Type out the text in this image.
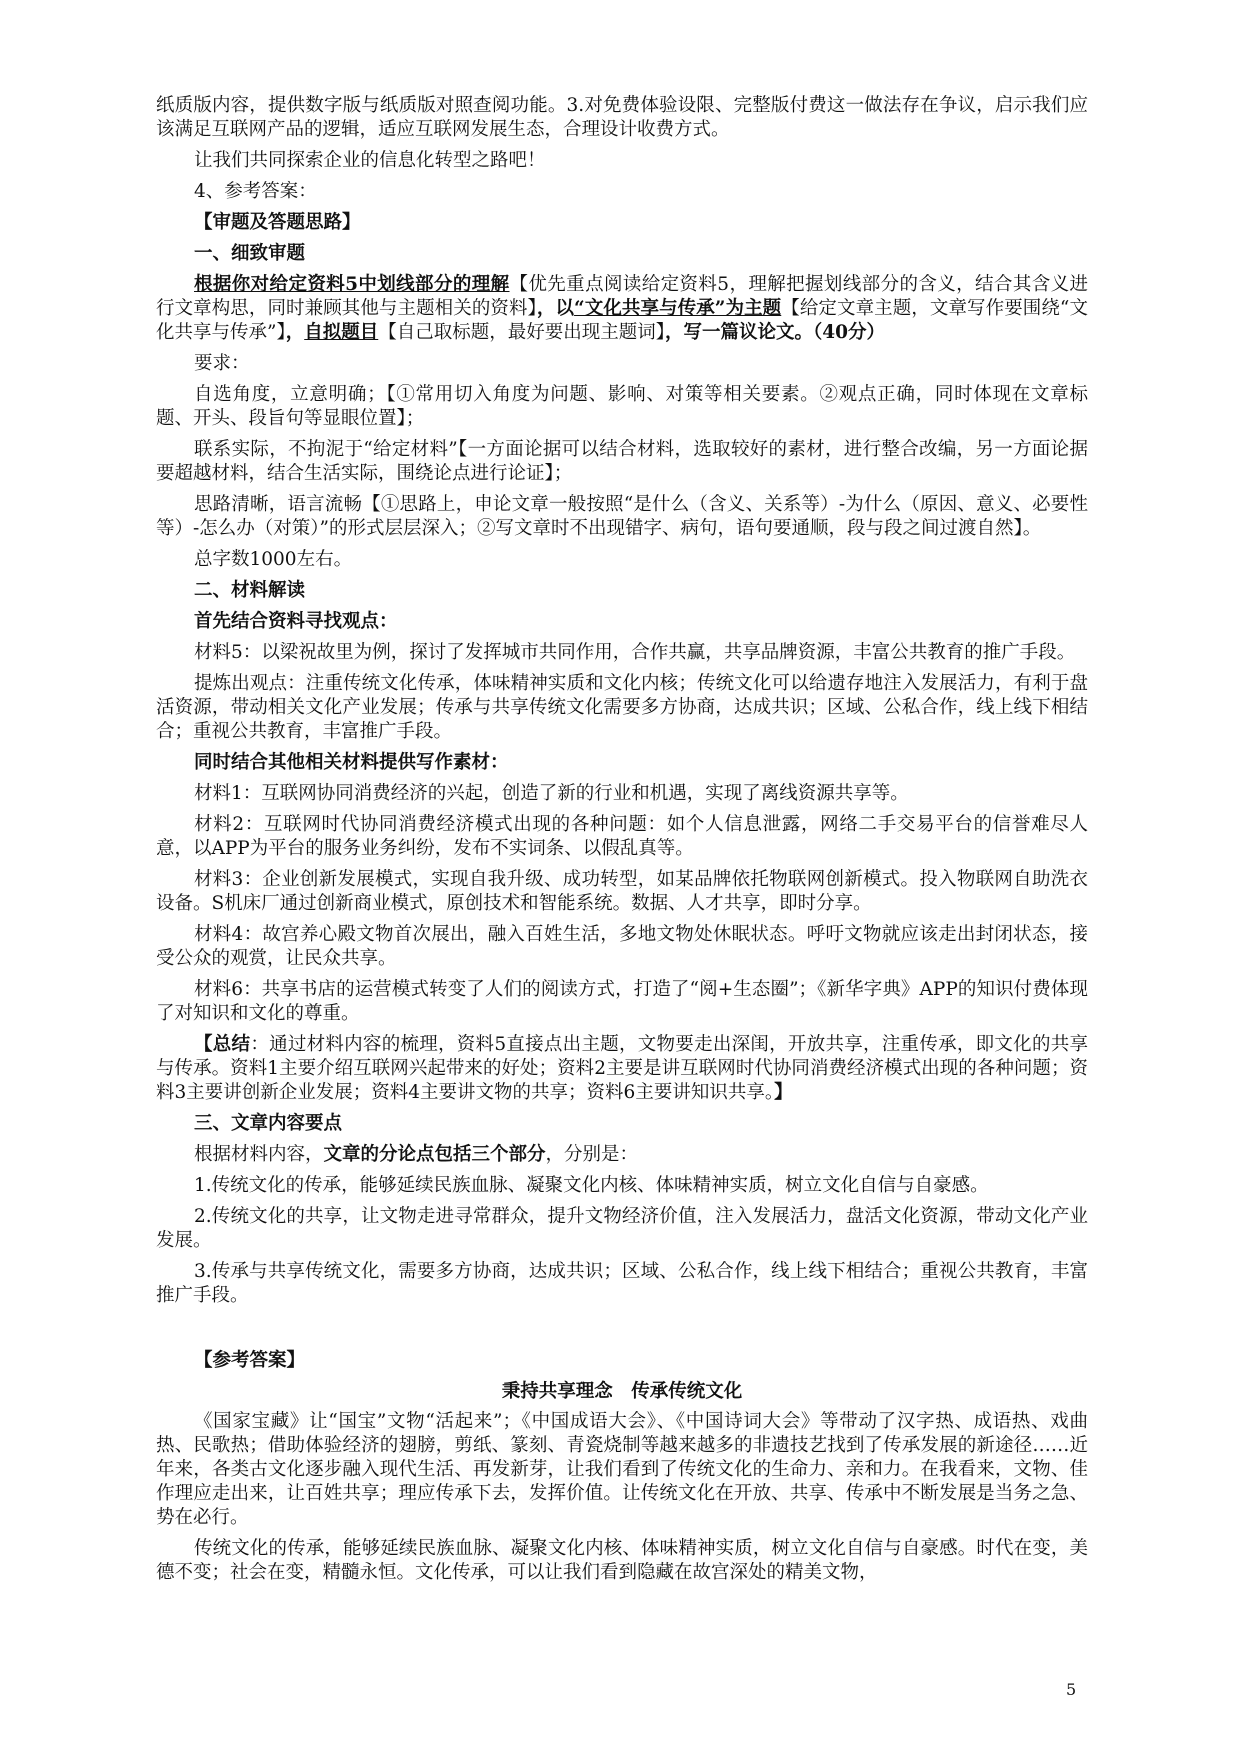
纸质版内容，提供数字版与纸质版对照查阅功能。3.对免费体验设限、完整版付费这一做法存在争议，启示我们应该满足互联网产品的逻辑，适应互联网发展生态，合理设计收费方式。

让我们共同探索企业的信息化转型之路吧！

4、参考答案：

【审题及答题思路】

一、细致审题

根据你对给定资料5中划线部分的理解【优先重点阅读给定资料5，理解把握划线部分的含义，结合其含义进行文章构思，同时兼顾其他与主题相关的资料】，以“文化共享与传承”为主题【给定文章主题，文章写作要围绕“文化共享与传承”】，自拟题目【自己取标题，最好要出现主题词】，写一篇议论文。（40分）

要求：

自选角度，立意明确；【①常用切入角度为问题、影响、对策等相关要素。②观点正确，同时体现在文章标题、开头、段旨句等显眼位置】；

联系实际，不拘泥于“给定材料”【一方面论据可以结合材料，选取较好的素材，进行整合改编，另一方面论据要超越材料，结合生活实际，围绕论点进行论证】；

思路清晰，语言流畅【①思路上，申论文章一般按照“是什么（含义、关系等）-为什么（原因、意义、必要性等）-怎么办（对策）”的形式层层深入；②写文章时不出现错字、病句，语句要通顺，段与段之间过渡自然】。

总字数1000左右。

二、材料解读

首先结合资料寻找观点：

材料5：以梁祝故里为例，探讨了发挥城市共同作用，合作共赢，共享品牌资源，丰富公共教育的推广手段。

提炼出观点：注重传统文化传承，体味精神实质和文化内核；传统文化可以给遗存地注入发展活力，有利于盘活资源，带动相关文化产业发展；传承与共享传统文化需要多方协商，达成共识；区域、公私合作，线上线下相结合；重视公共教育，丰富推广手段。

同时结合其他相关材料提供写作素材：

材料1：互联网协同消费经济的兴起，创造了新的行业和机遇，实现了离线资源共享等。

材料2：互联网时代协同消费经济模式出现的各种问题：如个人信息泄露，网络二手交易平台的信誉难尽人意，以APP为平台的服务业务纠纷，发布不实词条、以假乱真等。

材料3：企业创新发展模式，实现自我升级、成功转型，如某品牌依托物联网创新模式。投入物联网自助洗衣设备。S机床厂通过创新商业模式，原创技术和智能系统。数据、人才共享，即时分享。

材料4：故宫养心殿文物首次展出，融入百姓生活，多地文物处休眠状态。呼吁文物就应该走出封闭状态，接受公众的观赏，让民众共享。

材料6：共享书店的运营模式转变了人们的阅读方式，打造了“阅+生态圈”；《新华字典》APP的知识付费体现了对知识和文化的尊重。

【总结：通过材料内容的梳理，资料5直接点出主题，文物要走出深闺，开放共享，注重传承，即文化的共享与传承。资料1主要介绍互联网兴起带来的好处；资料2主要是讲互联网时代协同消费经济模式出现的各种问题；资料3主要讲创新企业发展；资料4主要讲文物的共享；资料6主要讲知识共享。】

三、文章内容要点

根据材料内容，文章的分论点包括三个部分，分别是：

1.传统文化的传承，能够延续民族血脉、凝聚文化内核、体味精神实质，树立文化自信与自豪感。

2.传统文化的共享，让文物走进寻常群众，提升文物经济价值，注入发展活力，盘活文化资源，带动文化产业发展。

3.传承与共享传统文化，需要多方协商，达成共识；区域、公私合作，线上线下相结合；重视公共教育，丰富推广手段。

【参考答案】

秉持共享理念　传承传统文化

《国家宝藏》让“国宝”文物“活起来”；《中国成语大会》、《中国诗词大会》等带动了汉字热、成语热、戏曲热、民歌热；借助体验经济的翅膀，剪纸、篆刻、青瓷烧制等越来越多的非遗技艺找到了传承发展的新途径……近年来，各类古文化逐步融入现代生活、再发新芽，让我们看到了传统文化的生命力、亲和力。在我看来，文物、佳作理应走出来，让百姓共享；理应传承下去，发挥价值。让传统文化在开放、共享、传承中不断发展是当务之急、势在必行。

传统文化的传承，能够延续民族血脉、凝聚文化内核、体味精神实质，树立文化自信与自豪感。时代在变，美德不变；社会在变，精髓永恒。文化传承，可以让我们看到隐藏在故宫深处的精美文物，

5
